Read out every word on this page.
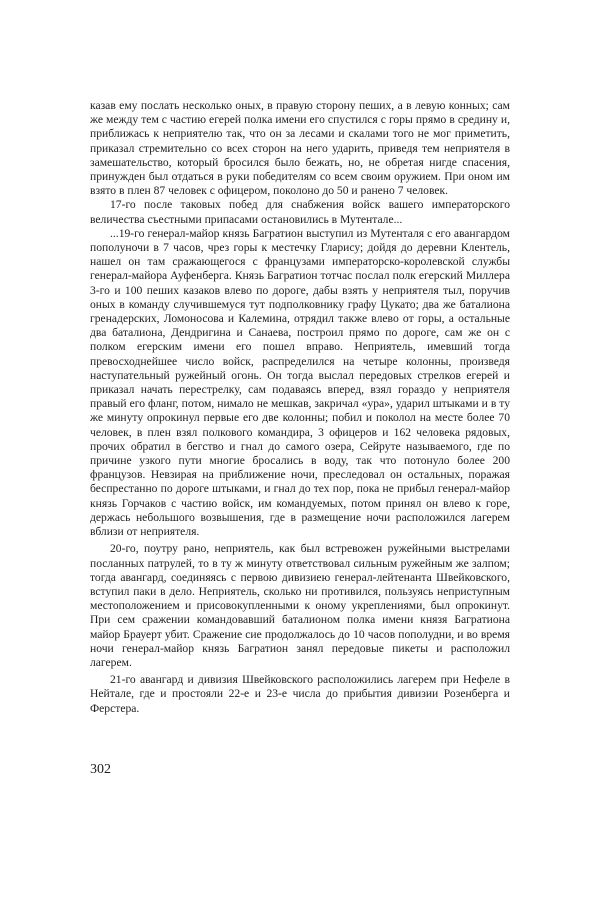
казав ему послать несколько оных, в правую сторону пеших, а в левую конных; сам же между тем с частию егерей полка имени его спустился с горы прямо в средину и, приближась к неприятелю так, что он за лесами и скалами того не мог приметить, приказал стремительно со всех сторон на него ударить, приведя тем неприятеля в замешательство, который бросился было бежать, но, не обретая нигде спасения, принужден был отдаться в руки победителям со всем своим оружием. При оном им взято в плен 87 человек с офицером, поколоно до 50 и ранено 7 человек.

17-го после таковых побед для снабжения войск вашего императорского величества съестными припасами остановились в Мутентале...

...19-го генерал-майор князь Багратион выступил из Мутенталя с его авангардом пополуночи в 7 часов, чрез горы к местечку Гларису; дойдя до деревни Клентель, нашел он там сражающегося с французами императорско-королевской службы генерал-майора Ауфенберга. Князь Багратион тотчас послал полк егерский Миллера 3-го и 100 пеших казаков влево по дороге, дабы взять у неприятеля тыл, поручив оных в команду случившемуся тут подполковнику графу Цукато; два же баталиона гренадерских, Ломоносова и Калемина, отрядил также влево от горы, а остальные два баталиона, Дендригина и Санаева, построил прямо по дороге, сам же он с полком егерским имени его пошел вправо. Неприятель, имевший тогда превосходнейшее число войск, распределился на четыре колонны, произведя наступательный ружейный огонь. Он тогда выслал передовых стрелков егерей и приказал начать перестрелку, сам подаваясь вперед, взял гораздо у неприятеля правый его фланг, потом, нимало не мешкав, закричал «ура», ударил штыками и в ту же минуту опрокинул первые его две колонны; побил и поколол на месте более 70 человек, в плен взял полкового командира, 3 офицеров и 162 человека рядовых, прочих обратил в бегство и гнал до самого озера, Сейруте называемого, где по причине узкого пути многие бросались в воду, так что потонуло более 200 французов. Невзирая на приближение ночи, преследовал он остальных, поражая беспрестанно по дороге штыками, и гнал до тех пор, пока не прибыл генерал-майор князь Горчаков с частию войск, им командуемых, потом принял он влево к горе, держась небольшого возвышения, где в размещение ночи расположился лагерем вблизи от неприятеля.

20-го, поутру рано, неприятель, как был встревожен ружейными выстрелами посланных патрулей, то в ту ж минуту ответствовал сильным ружейным же залпом; тогда авангард, соединяясь с первою дивизиею генерал-лейтенанта Швейковского, вступил паки в дело. Неприятель, сколько ни противился, пользуясь неприступным местоположением и присовокупленными к оному укреплениями, был опрокинут. При сем сражении командовавший баталионом полка имени князя Багратиона майор Брауерт убит. Сражение сие продолжалось до 10 часов пополудни, и во время ночи генерал-майор князь Багратион занял передовые пикеты и расположил лагерем.

21-го авангард и дивизия Швейковского расположились лагерем при Нефеле в Нейтале, где и простояли 22-е и 23-е числа до прибытия дивизии Розенберга и Ферстера.

302
